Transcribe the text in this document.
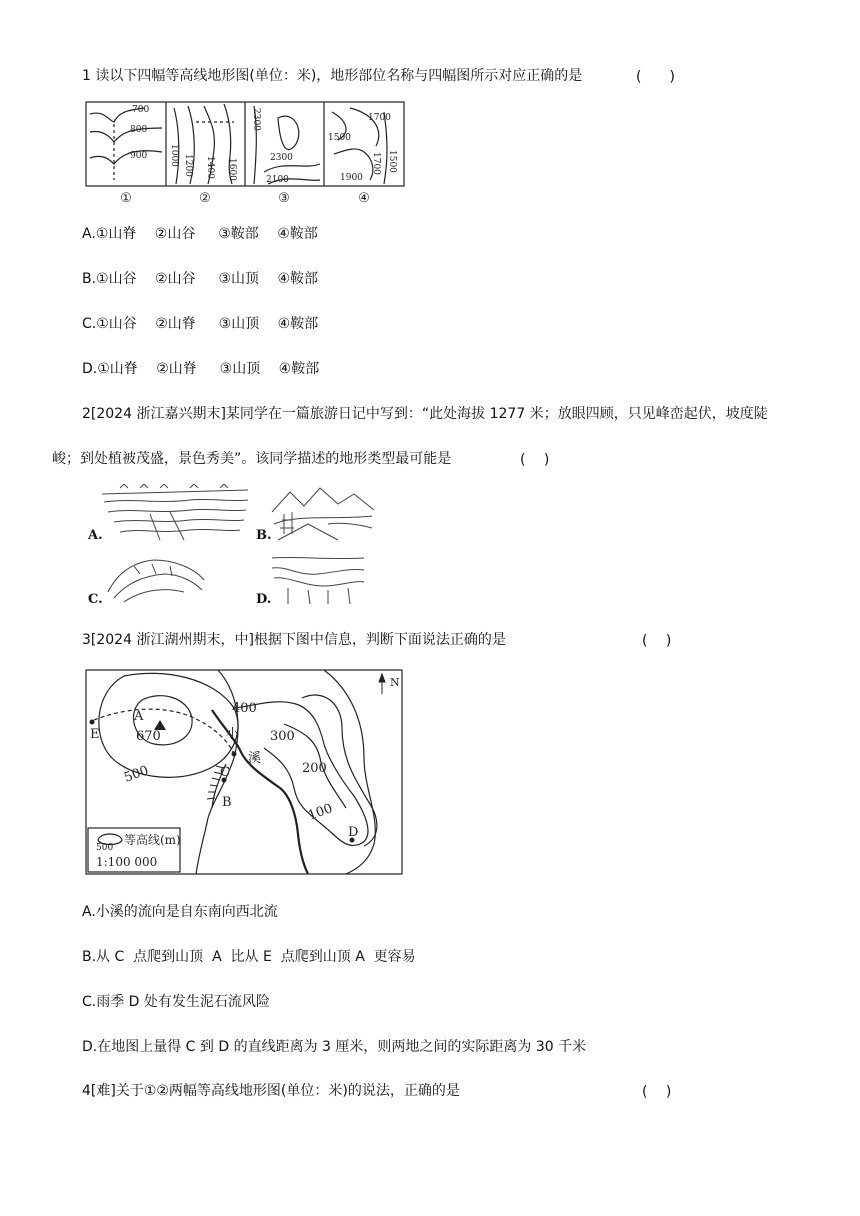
1 读以下四幅等高线地形图(单位：米)，地形部位名称与四幅图所示对应正确的是	(　　)
700
800
900 1000 1200 1400 1600
2300
2300
2100
1700
1500
1700 1500
1900
①	②	③	④
A.①山脊　 ②山谷　  ③鞍部　 ④鞍部
B.①山谷　 ②山谷　  ③山顶　 ④鞍部
C.①山谷　 ②山脊　  ③山顶　 ④鞍部
D.①山脊　 ②山脊　  ③山顶　 ④鞍部
2[2024 浙江嘉兴期末]某同学在一篇旅游日记中写到：“此处海拔 1277 米；放眼四顾，只见峰峦起伏，坡度陡
峻；到处植被茂盛，景色秀美”。该同学描述的地形类型最可能是	(　 )
A.	B.
C.	D.
3[2024 浙江湖州期末，中]根据下图中信息，判断下面说法正确的是	(　 )
400
300
200
100
500
A
670
E
C
B
D
N
500
等高线(m)
1:100 000
小
溪
A.小溪的流向是自东南向西北流
B.从 C  点爬到山顶  A  比从 E  点爬到山顶 A  更容易
C.雨季 D 处有发生泥石流风险
D.在地图上量得 C 到 D 的直线距离为 3 厘米，则两地之间的实际距离为 30 千米
4[难]关于①②两幅等高线地形图(单位：米)的说法，正确的是	(　 )
